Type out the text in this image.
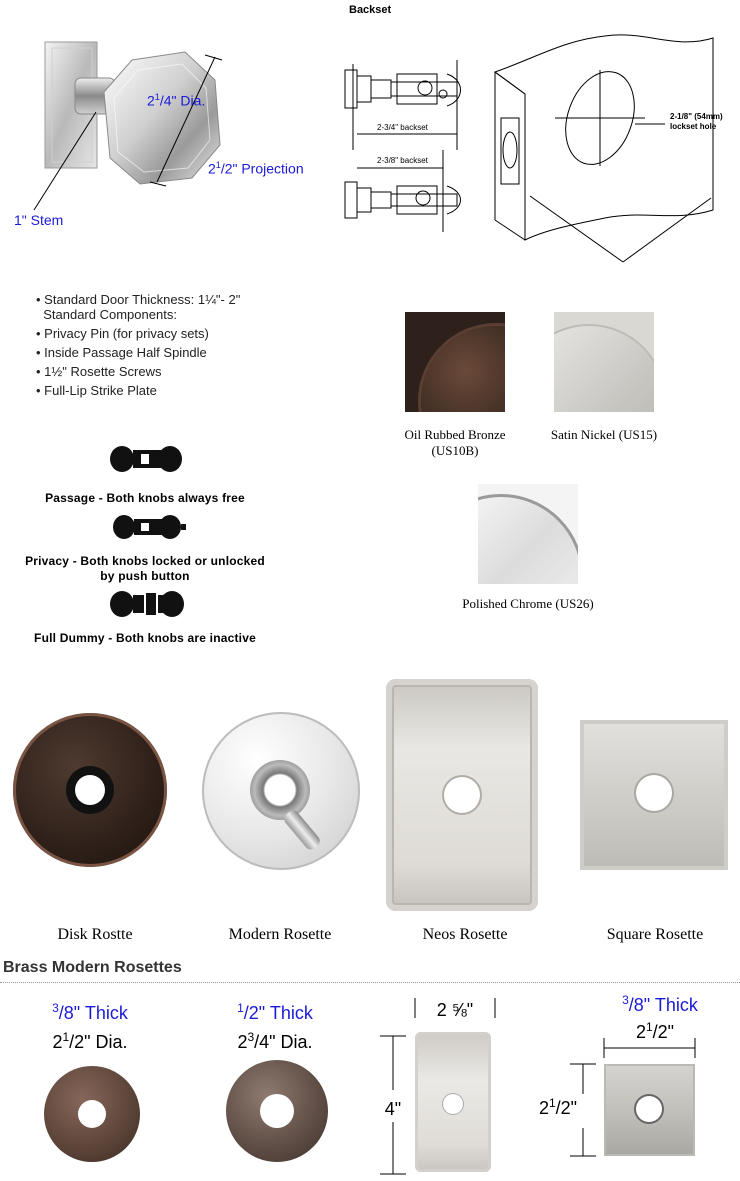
$2^1/4$" Dia.
$2^1/2$" Projection
1" Stem
Backset
2-3/4" backset
2-3/8" backset
2-1/8" (54mm)
lockset hole
• Standard Door Thickness: 1¼"- 2"
Standard Components:
• Privacy Pin (for privacy sets)
• Inside Passage Half Spindle
• 1½" Rosette Screws
• Full-Lip Strike Plate
Oil Rubbed Bronze
(US10B)
Satin Nickel (US15)
Polished Chrome (US26)
Passage - Both knobs always free
Privacy - Both knobs locked or unlocked
by push button
Full Dummy - Both knobs are inactive
Disk Rostte	Modern Rosette	Neos Rosette	Square Rosette
Brass Modern Rosettes
$^3$/8" Thick
$2^1/2$" Dia.
$^1$/2" Thick
$2^3/4$" Dia.
2 ⅝"
4"
$^3$/8" Thick
$2^1/2$"
$2^1/2$"
